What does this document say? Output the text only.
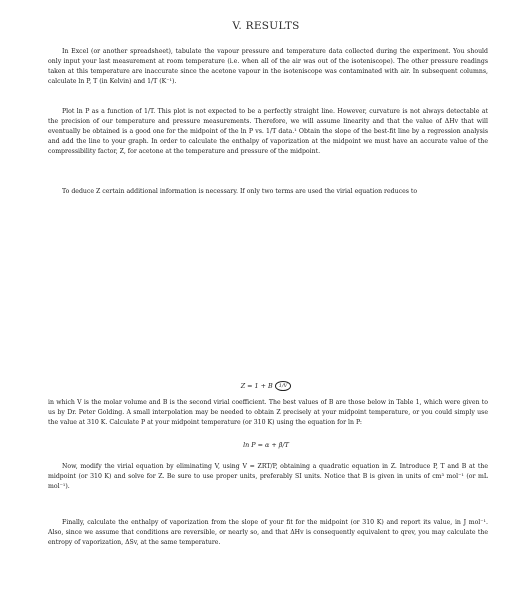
V. RESULTS

In Excel (or another spreadsheet), tabulate the vapour pressure and temperature data collected during the experiment. You should only input your last measurement at room temperature (i.e. when all of the air was out of the isoteniscope). The other pressure readings taken at this temperature are inaccurate since the acetone vapour in the isoteniscope was contaminated with air. In subsequent columns, calculate ln P, T (in Kelvin) and 1/T (K⁻¹).

Plot ln P as a function of 1/T. This plot is not expected to be a perfectly straight line. However, curvature is not always detectable at the precision of our temperature and pressure measurements. Therefore, we will assume linearity and that the value of ΔHv that will eventually be obtained is a good one for the midpoint of the ln P vs. 1/T data.¹ Obtain the slope of the best-fit line by a regression analysis and add the line to your graph. In order to calculate the enthalpy of vaporization at the midpoint we must have an accurate value of the compressibility factor, Z, for acetone at the temperature and pressure of the midpoint.

To deduce Z certain additional information is necessary. If only two terms are used the virial equation reduces to

Z = 1 + B 1/V

in which V is the molar volume and B is the second virial coefficient. The best values of B are those below in Table 1, which were given to us by Dr. Peter Golding. A small interpolation may be needed to obtain Z precisely at your midpoint temperature, or you could simply use the value at 310 K. Calculate P at your midpoint temperature (or 310 K) using the equation for ln P:

ln P = α + β/T

Now, modify the virial equation by eliminating V, using V = ZRT/P, obtaining a quadratic equation in Z. Introduce P, T and B at the midpoint (or 310 K) and solve for Z. Be sure to use proper units, preferably SI units. Notice that B is given in units of cm³ mol⁻¹ (or mL mol⁻¹).

Finally, calculate the enthalpy of vaporization from the slope of your fit for the midpoint (or 310 K) and report its value, in J mol⁻¹. Also, since we assume that conditions are reversible, or nearly so, and that ΔHv is consequently equivalent to qrev, you may calculate the entropy of vaporization, ΔSv, at the same temperature.
